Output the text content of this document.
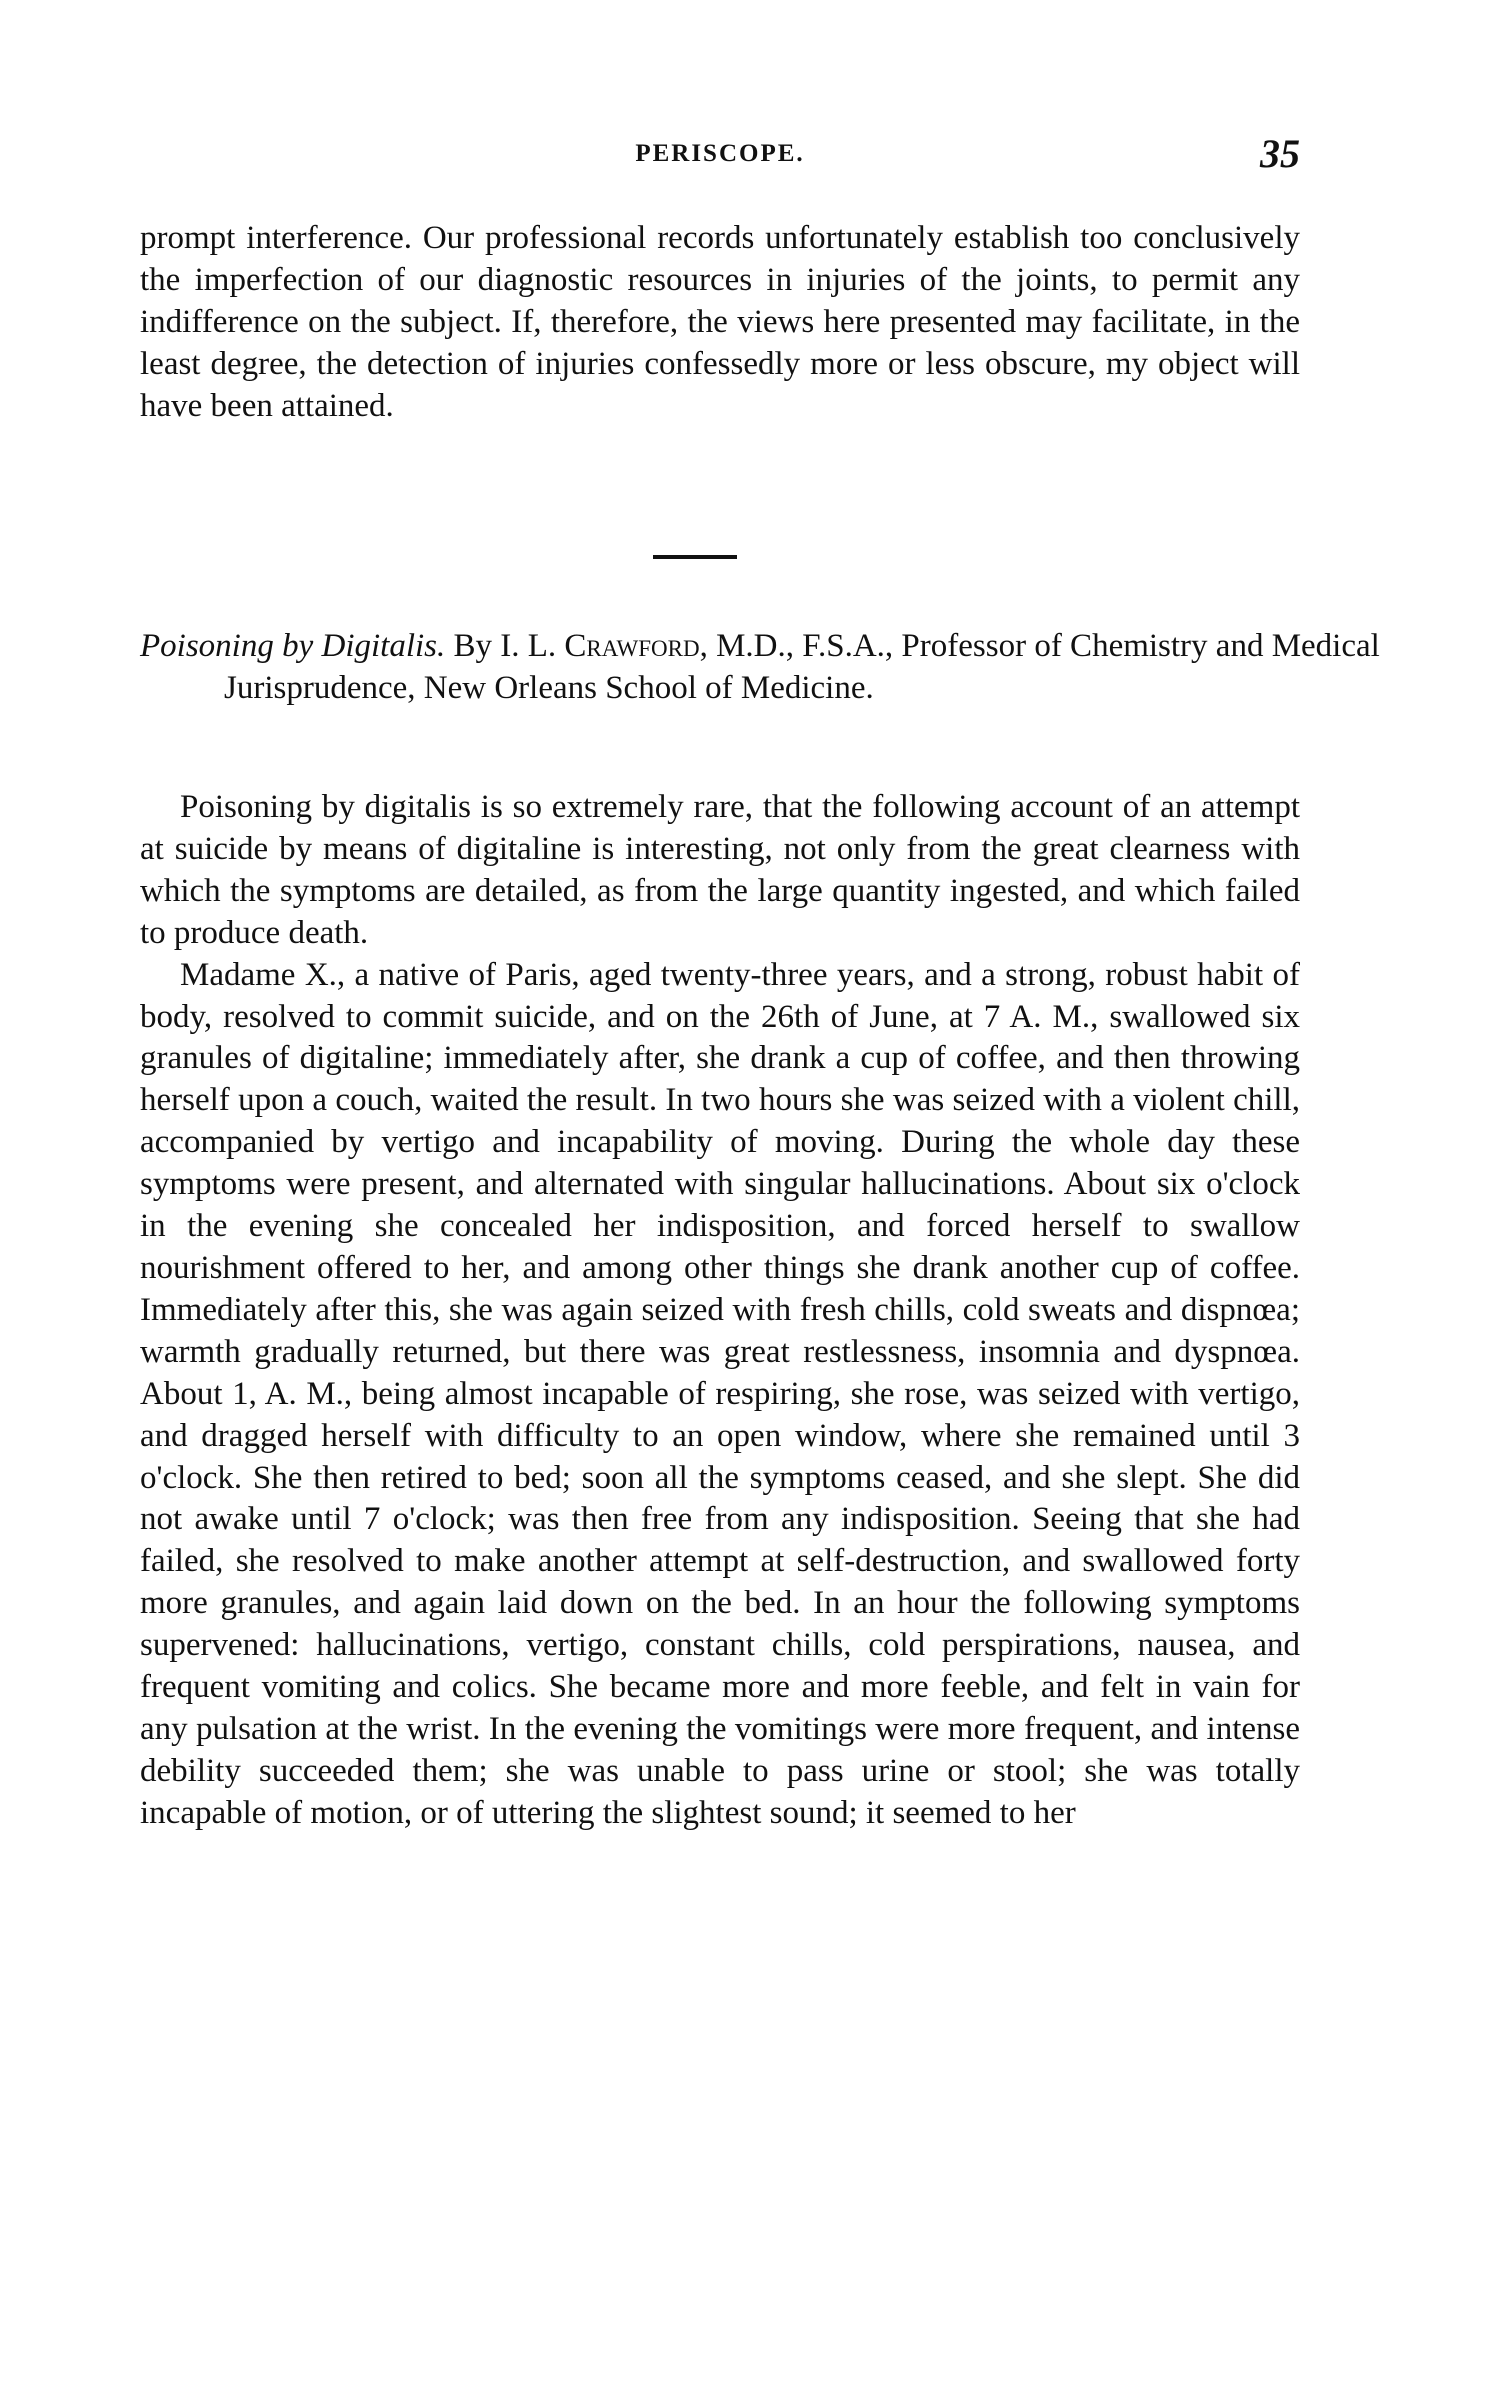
PERISCOPE.	35
prompt interference. Our professional records unfortunately establish too conclusively the imperfection of our diagnostic resources in injuries of the joints, to permit any indifference on the subject. If, therefore, the views here presented may facilitate, in the least degree, the detection of injuries confessedly more or less obscure, my object will have been attained.
Poisoning by Digitalis. By I. L. Crawford, M.D., F.S.A., Professor of Chemistry and Medical Jurisprudence, New Orleans School of Medicine.

Poisoning by digitalis is so extremely rare, that the following account of an attempt at suicide by means of digitaline is interesting, not only from the great clearness with which the symptoms are detailed, as from the large quantity ingested, and which failed to produce death.

Madame X., a native of Paris, aged twenty-three years, and a strong, robust habit of body, resolved to commit suicide, and on the 26th of June, at 7 A. M., swallowed six granules of digitaline; immediately after, she drank a cup of coffee, and then throwing herself upon a couch, waited the result. In two hours she was seized with a violent chill, accompanied by vertigo and incapability of moving. During the whole day these symptoms were present, and alternated with singular hallucinations. About six o'clock in the evening she concealed her indisposition, and forced herself to swallow nourishment offered to her, and among other things she drank another cup of coffee. Immediately after this, she was again seized with fresh chills, cold sweats and dispnœa; warmth gradually returned, but there was great restlessness, insomnia and dyspnœa. About 1, A. M., being almost incapable of respiring, she rose, was seized with vertigo, and dragged herself with difficulty to an open window, where she remained until 3 o'clock. She then retired to bed; soon all the symptoms ceased, and she slept. She did not awake until 7 o'clock; was then free from any indisposition. Seeing that she had failed, she resolved to make another attempt at self-destruction, and swallowed forty more granules, and again laid down on the bed. In an hour the following symptoms supervened: hallucinations, vertigo, constant chills, cold perspirations, nausea, and frequent vomiting and colics. She became more and more feeble, and felt in vain for any pulsation at the wrist. In the evening the vomitings were more frequent, and intense debility succeeded them; she was unable to pass urine or stool; she was totally incapable of motion, or of uttering the slightest sound; it seemed to her
